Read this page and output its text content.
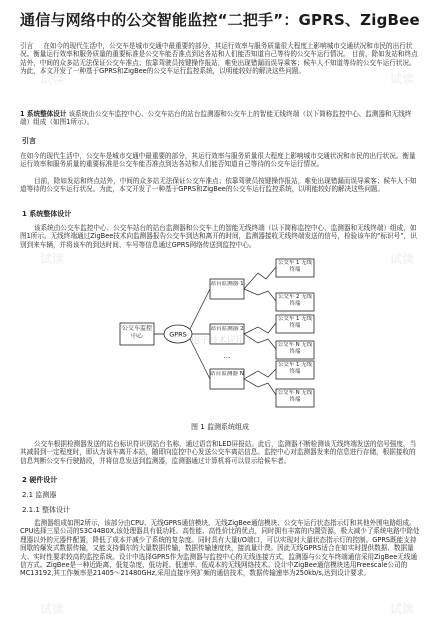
通信与网络中的公交智能监控“二把手”：GPRS、ZigBee
引言 在如今的现代生活中，公交车是城市交通中最重要的部分，其运行效率与服务质量很大程度上影响城市交通状况和市民的出行状况。衡量运行效率和服务质量的重要标准是公交车能否准点到达各站和人们能否知道自己等待的公交车运行情况。 目前，除如发站和终点站外，中间的众多站无法保证公交车准点；依靠驾驶员按键操作报站，难免出现错漏而误导乘客；候车人不知道等待的公交车运行状况。为此，本文开发了一种基于GPRS和ZigBee的公交车运行监控系统，以明能较好的解决这些问题。
1 系统整体设计 该系统由公交车监控中心、公交车站台的站台监测器和公交车上的智能无线终端（以下简称监控中心、监测器和无线终端）组成（如图1所示）。
引言
在如今的现代生活中，公交车是城市交通中最重要的部分，其运行效率与服务质量很大程度上影响城市交通状况和市民的出行状况。衡量运行效率和服务质量的重要标准是公交车能否准点到达各站和人们能否知道自己等待的公交车运行情况。
目前，除如发站和终点站外，中间的众多站无法保证公交车准点；依靠驾驶员按键操作报站，难免出现错漏而误导乘客；候车人不知道等待的公交车运行状况。为此，本文开发了一种基于GPRS和ZigBee的公交车运行监控系统，以明能较好的解决这些问题。
1 系统整体设计
该系统由公交车监控中心、公交车站台的站台监测器和公交车上的智能无线终端（以下简称监控中心、监测器和无线终端）组成，如图1所示。无线终端通过ZigBee技术向监测器报告公交车到达和离开的时间，监测器接收无线终端发送的信号，检验该车的“标识号”，识别到来车辆，并将该车的到达时间、车号等信息通过GPRS网络传送到监控中心。
公交车监控中心	GPRS
站台监测器 1
站台监测器 2
...
站台监测器 N
公交车 1 无线终端
公交车 2 无线终端
公交车 1 无线终端
公交车 N 无线终端
公交车 1 无线终端
公交车 N 无线终端
电子技术应用
图 1 监测系统组成
公交车根据检测器发送的站台标识符识别站台名称，通过语音和LED屏报站。此后，监测器不断检测该无线终端发送的信号强度，当其减弱到一定程度时，即认为该车离开本站，随即向监控中心发送公交车离站信息。监控中心对监测器发来的信息进行存储，根据接收的信息判断公交车行驶路段，并将信息发送到监测器，监测器通过计算机将可以显示给候车者。
2 硬件设计
2.1 监测器
2.1.1 整体设计
监测器组成如图2所示，该部分由CPU、无线GPRS通信模块、无线ZigBee通信模块、公交车运行状态指示灯和其他外围电路组成。CPU选择三星公司的S3C44B0X,该处理器具有低功耗、高性能、高性价比的优点，同时拥有丰富的内置资源，极大减少了系统电路中除处理器以外的元器件配置，降低了成本并减少了系统的复杂度。同时具有大量I/O端口，可以实现对大量状态指示灯的控制。GPRS既能支持间歇的爆发式数据传输，又能支持偶尔的大量数据传输，数据传输速度快，接流量计费。因此无线GPRS适合在如实时提供数据、数据量大、实时性要求较高的监控系统。设计中选择GPRS作为监测器与监控中心的无线连接方式，监测器与公交车终端通信采用ZigBee无线通信方式。ZigBee是一种近距离、低复杂度、低功耗、低速率、低成本的无线网络技术。设计中ZigBee通信模块选用Freescale公司的MC13192,其工作频率是21405～21480GHz,采用直接序列扩频的通信技术，数据传输速率为250kb/s,达到设计要求。
试读	试读
试读	试读
试读	试读
